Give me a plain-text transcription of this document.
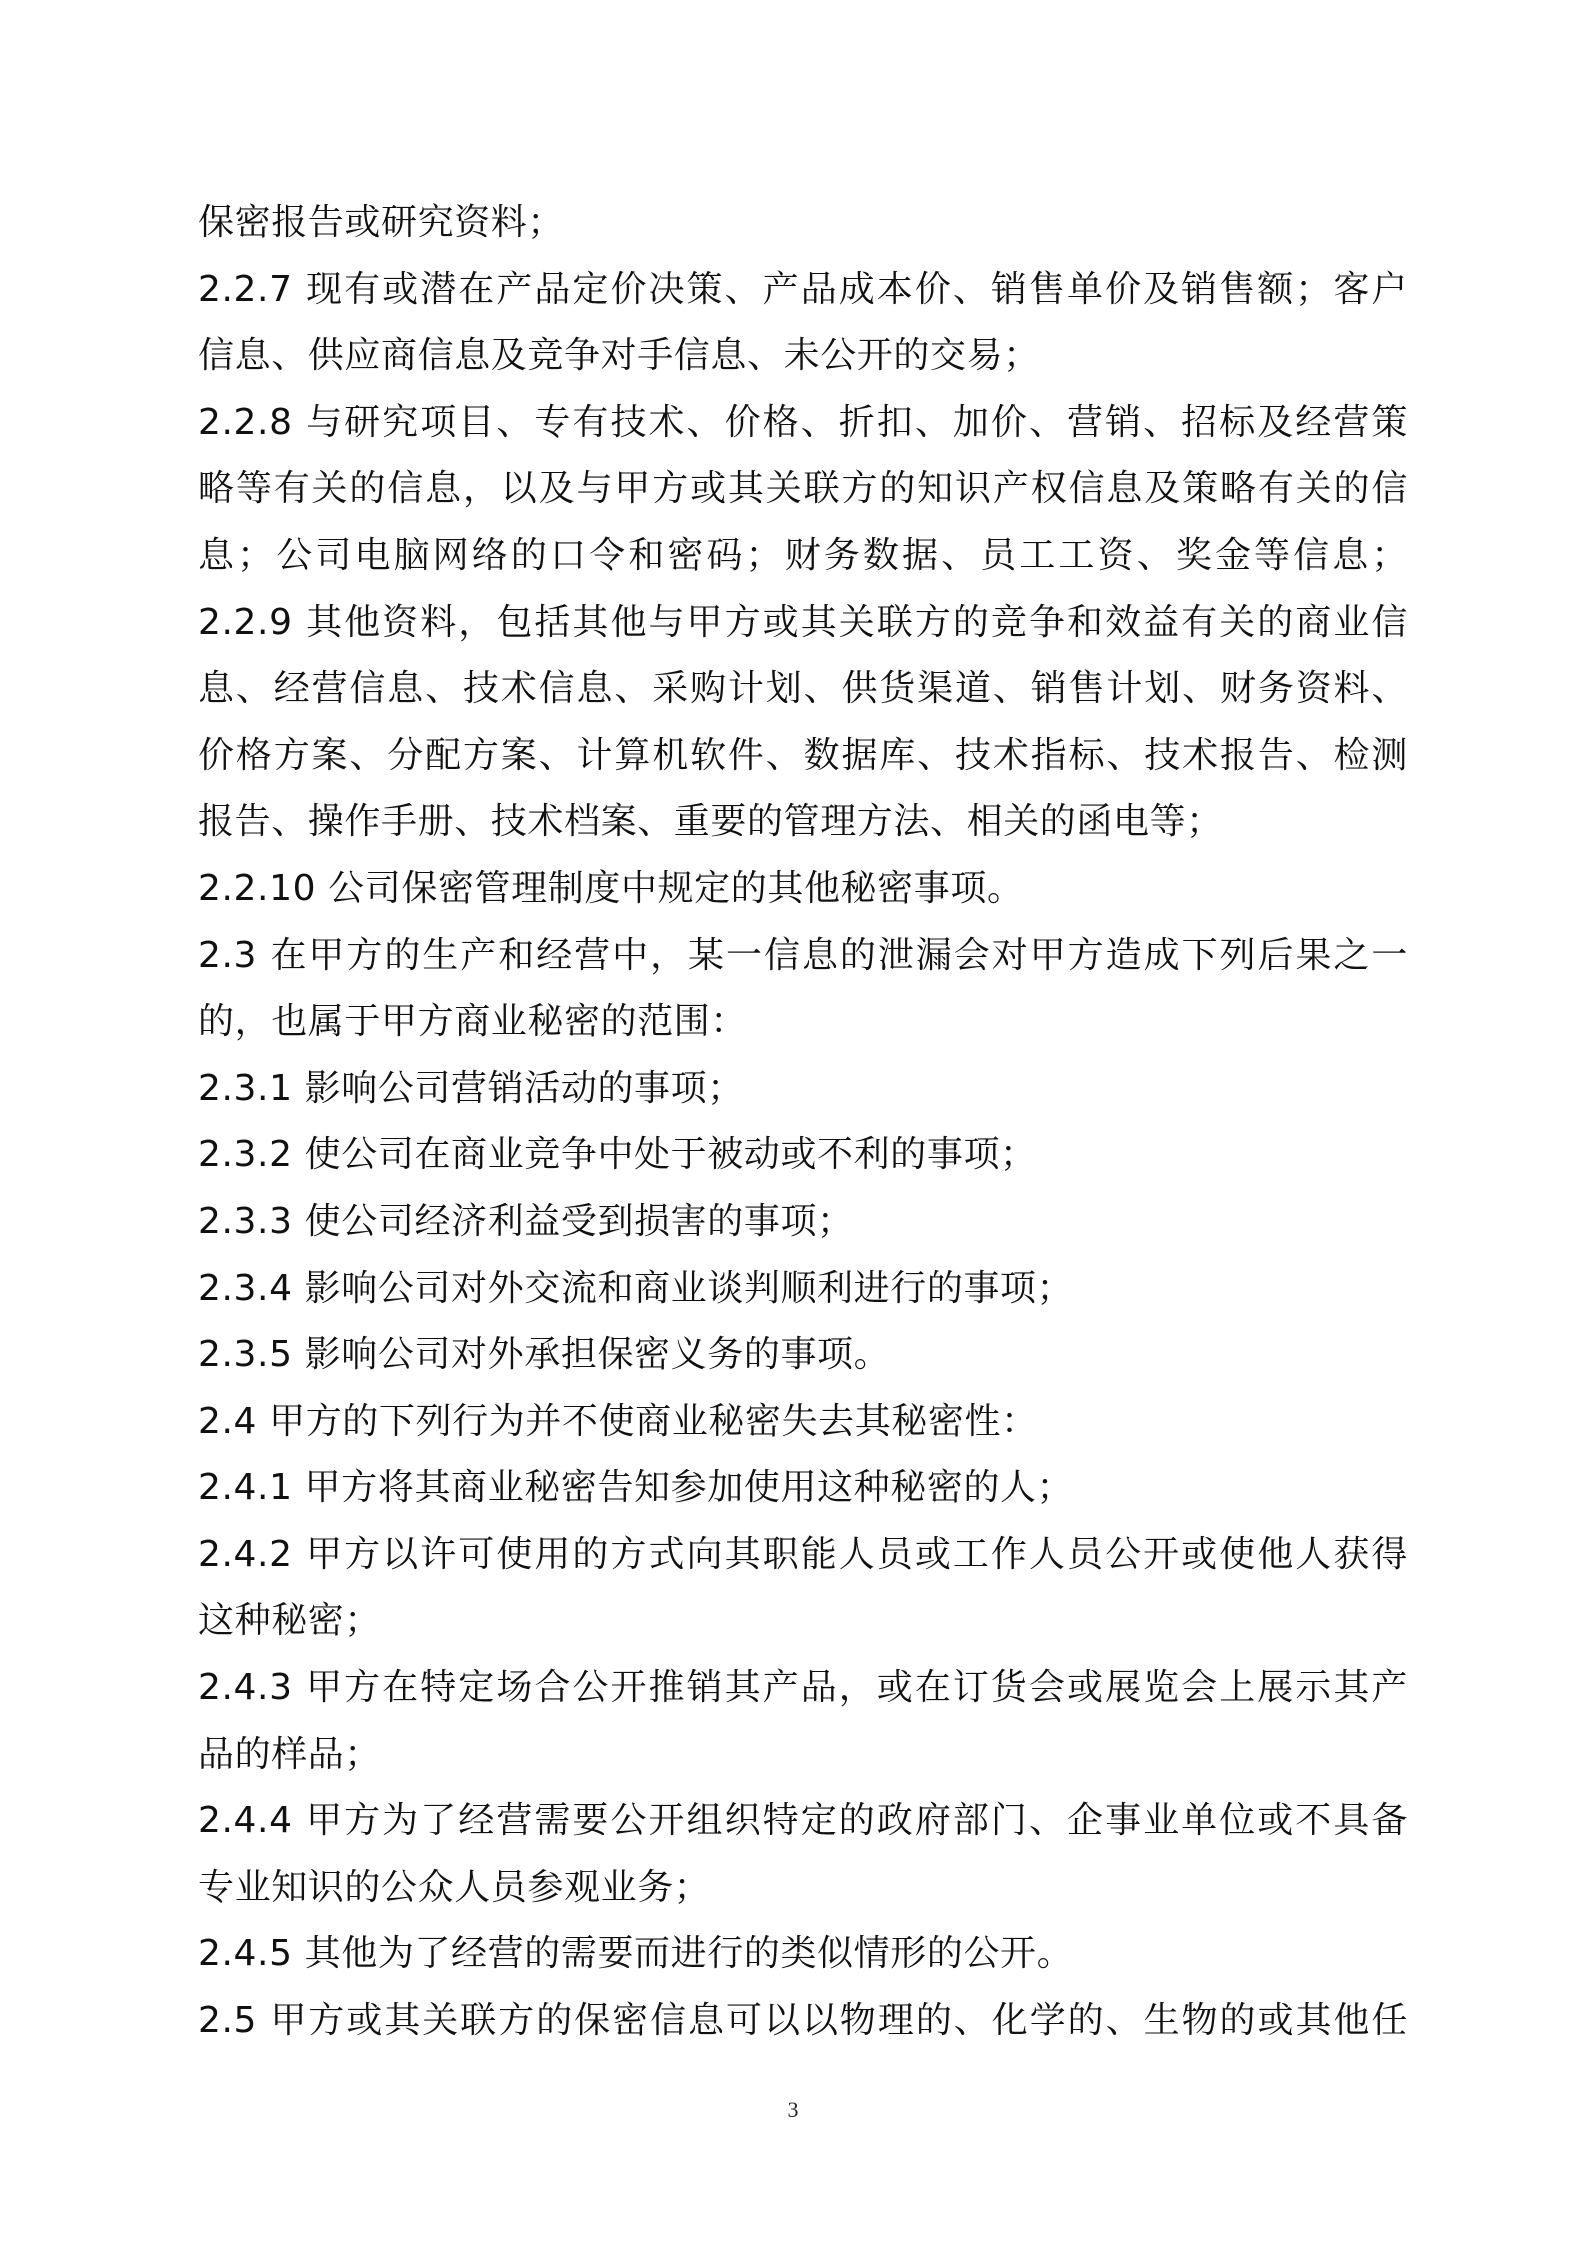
保密报告或研究资料；
2.2.7 现有或潜在产品定价决策、产品成本价、销售单价及销售额；客户
信息、供应商信息及竞争对手信息、未公开的交易；
2.2.8 与研究项目、专有技术、价格、折扣、加价、营销、招标及经营策
略等有关的信息，以及与甲方或其关联方的知识产权信息及策略有关的信
息；公司电脑网络的口令和密码；财务数据、员工工资、奖金等信息；
2.2.9 其他资料，包括其他与甲方或其关联方的竞争和效益有关的商业信
息、经营信息、技术信息、采购计划、供货渠道、销售计划、财务资料、
价格方案、分配方案、计算机软件、数据库、技术指标、技术报告、检测
报告、操作手册、技术档案、重要的管理方法、相关的函电等；
2.2.10 公司保密管理制度中规定的其他秘密事项。
2.3 在甲方的生产和经营中，某一信息的泄漏会对甲方造成下列后果之一
的，也属于甲方商业秘密的范围：
2.3.1 影响公司营销活动的事项；
2.3.2 使公司在商业竞争中处于被动或不利的事项；
2.3.3 使公司经济利益受到损害的事项；
2.3.4 影响公司对外交流和商业谈判顺利进行的事项；
2.3.5 影响公司对外承担保密义务的事项。
2.4 甲方的下列行为并不使商业秘密失去其秘密性：
2.4.1 甲方将其商业秘密告知参加使用这种秘密的人；
2.4.2 甲方以许可使用的方式向其职能人员或工作人员公开或使他人获得
这种秘密；
2.4.3 甲方在特定场合公开推销其产品，或在订货会或展览会上展示其产
品的样品；
2.4.4 甲方为了经营需要公开组织特定的政府部门、企事业单位或不具备
专业知识的公众人员参观业务；
2.4.5 其他为了经营的需要而进行的类似情形的公开。
2.5 甲方或其关联方的保密信息可以以物理的、化学的、生物的或其他任
3
